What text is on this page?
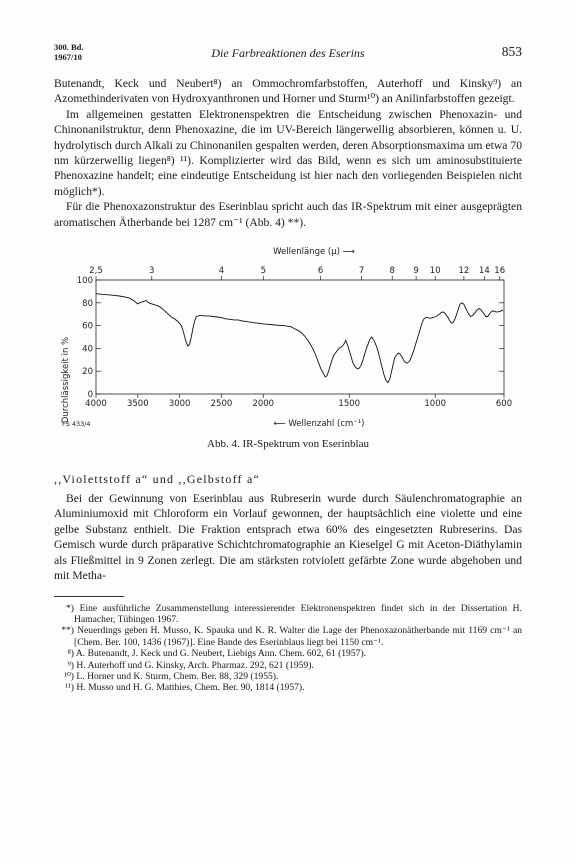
300. Bd.
1967/10	Die Farbreaktionen des Eserins	853

Butenandt, Keck und Neubert⁸) an Ommochromfarbstoffen, Auterhoff und Kinsky⁹) an Azomethinderivaten von Hydroxyanthronen und Horner und Sturm¹⁰) an Anilinfarbstoffen gezeigt.

Im allgemeinen gestatten Elektronenspektren die Entscheidung zwischen Phenoxazin- und Chinonanilstruktur, denn Phenoxazine, die im UV-Bereich längerwellig absorbieren, können u. U. hydrolytisch durch Alkali zu Chinonanilen gespalten werden, deren Absorptionsmaxima um etwa 70 nm kürzerwellig liegen⁸) ¹¹). Komplizierter wird das Bild, wenn es sich um aminosubstituierte Phenoxazine handelt; eine eindeutige Entscheidung ist hier nach den vorliegenden Beispielen nicht möglich*).

Für die Phenoxazonstruktur des Eserinblau spricht auch das IR-Spektrum mit einer ausgeprägten aromatischen Ätherbande bei 1287 cm⁻¹ (Abb. 4) **).

Wellenlänge (µ) ⟶
2,5	3	4	5	6	7	8 9 10 12 14 16
0
20
40
60
80
100
4000 3500 3000 2500 2000	1500	1000	600
Durchlässigkeit in %
⟵ Wellenzahl (cm⁻¹)
FS 433/4
Abb. 4. IR-Spektrum von Eserinblau
,,Violettstoff a“ und ,,Gelbstoff a“

Bei der Gewinnung von Eserinblau aus Rubreserin wurde durch Säulenchromatographie an Aluminiumoxid mit Chloroform ein Vorlauf gewonnen, der hauptsächlich eine violette und eine gelbe Substanz enthielt. Die Fraktion entsprach etwa 60% des eingesetzten Rubreserins. Das Gemisch wurde durch präparative Schichtchromatographie an Kieselgel G mit Aceton-Diäthylamin als Fließmittel in 9 Zonen zerlegt. Die am stärksten rotviolett gefärbte Zone wurde abgehoben und mit Metha-

*) Eine ausführliche Zusammenstellung interessierender Elektronenspektren findet sich in der Dissertation H. Hamacher, Tübingen 1967.

**) Neuerdings geben H. Musso, K. Spauka und K. R. Walter die Lage der Phenoxazonätherbande mit 1169 cm⁻¹ an [Chem. Ber. 100, 1436 (1967)]. Eine Bande des Eserinblaus liegt bei 1150 cm⁻¹.

⁸) A. Butenandt, J. Keck und G. Neubert, Liebigs Ann. Chem. 602, 61 (1957).

⁹) H. Auterhoff und G. Kinsky, Arch. Pharmaz. 292, 621 (1959).

¹⁰) L. Horner und K. Sturm, Chem. Ber. 88, 329 (1955).

¹¹) H. Musso und H. G. Matthies, Chem. Ber. 90, 1814 (1957).
